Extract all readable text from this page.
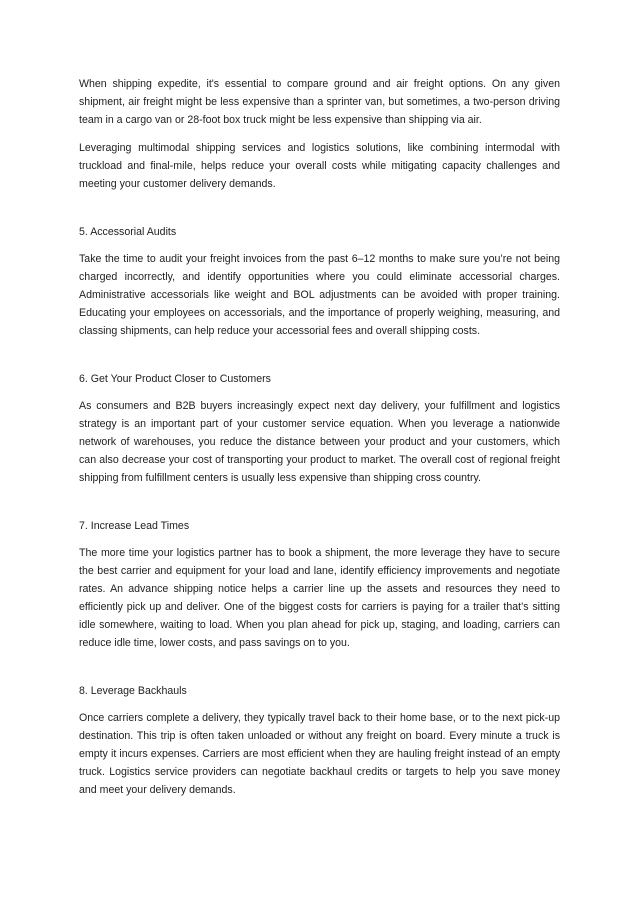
When shipping expedite, it's essential to compare ground and air freight options. On any given shipment, air freight might be less expensive than a sprinter van, but sometimes, a two-person driving team in a cargo van or 28-foot box truck might be less expensive than shipping via air.

Leveraging multimodal shipping services and logistics solutions, like combining intermodal with truckload and final-mile, helps reduce your overall costs while mitigating capacity challenges and meeting your customer delivery demands.

5. Accessorial Audits

Take the time to audit your freight invoices from the past 6–12 months to make sure you’re not being charged incorrectly, and identify opportunities where you could eliminate accessorial charges. Administrative accessorials like weight and BOL adjustments can be avoided with proper training. Educating your employees on accessorials, and the importance of properly weighing, measuring, and classing shipments, can help reduce your accessorial fees and overall shipping costs.

6. Get Your Product Closer to Customers

As consumers and B2B buyers increasingly expect next day delivery, your fulfillment and logistics strategy is an important part of your customer service equation. When you leverage a nationwide network of warehouses, you reduce the distance between your product and your customers, which can also decrease your cost of transporting your product to market. The overall cost of regional freight shipping from fulfillment centers is usually less expensive than shipping cross country.

7. Increase Lead Times

The more time your logistics partner has to book a shipment, the more leverage they have to secure the best carrier and equipment for your load and lane, identify efficiency improvements and negotiate rates. An advance shipping notice helps a carrier line up the assets and resources they need to efficiently pick up and deliver. One of the biggest costs for carriers is paying for a trailer that’s sitting idle somewhere, waiting to load. When you plan ahead for pick up, staging, and loading, carriers can reduce idle time, lower costs, and pass savings on to you.

8. Leverage Backhauls

Once carriers complete a delivery, they typically travel back to their home base, or to the next pick-up destination. This trip is often taken unloaded or without any freight on board. Every minute a truck is empty it incurs expenses. Carriers are most efficient when they are hauling freight instead of an empty truck. Logistics service providers can negotiate backhaul credits or targets to help you save money and meet your delivery demands.
